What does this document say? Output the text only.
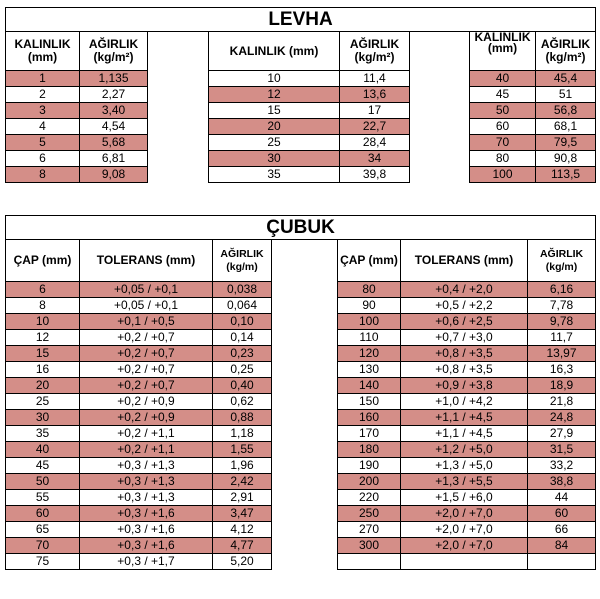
LEVHA							
KALINLIK (mm)	AĞIRLIK (kg/m²)		KALINLIK (mm)	AĞIRLIK (kg/m²)		KALINLIK (mm)	AĞIRLIK (kg/m²)
1	1,135		10	11,4		40	45,4
2	2,27		12	13,6		45	51
3	3,40		15	17		50	56,8
4	4,54		20	22,7		60	68,1
5	5,68		25	28,4		70	79,5
6	6,81		30	34		80	90,8
8	9,08		35	39,8		100	113,5
ÇUBUK						
ÇAP (mm)	TOLERANS (mm)	AĞIRLIK (kg/m)		ÇAP (mm)	TOLERANS (mm)	AĞIRLIK (kg/m)
6	+0,05 / +0,1	0,038		80	+0,4 / +2,0	6,16
8	+0,05 / +0,1	0,064		90	+0,5 / +2,2	7,78
10	+0,1 / +0,5	0,10		100	+0,6 / +2,5	9,78
12	+0,2 / +0,7	0,14		110	+0,7 / +3,0	11,7
15	+0,2 / +0,7	0,23		120	+0,8 / +3,5	13,97
16	+0,2 / +0,7	0,25		130	+0,8 / +3,5	16,3
20	+0,2 / +0,7	0,40		140	+0,9 / +3,8	18,9
25	+0,2 / +0,9	0,62		150	+1,0 / +4,2	21,8
30	+0,2 / +0,9	0,88		160	+1,1 / +4,5	24,8
35	+0,2 / +1,1	1,18		170	+1,1 / +4,5	27,9
40	+0,2 / +1,1	1,55		180	+1,2 / +5,0	31,5
45	+0,3 / +1,3	1,96		190	+1,3 / +5,0	33,2
50	+0,3 / +1,3	2,42		200	+1,3 / +5,5	38,8
55	+0,3 / +1,3	2,91		220	+1,5 / +6,0	44
60	+0,3 / +1,6	3,47		250	+2,0 / +7,0	60
65	+0,3 / +1,6	4,12		270	+2,0 / +7,0	66
70	+0,3 / +1,6	4,77		300	+2,0 / +7,0	84
75	+0,3 / +1,7	5,20				
